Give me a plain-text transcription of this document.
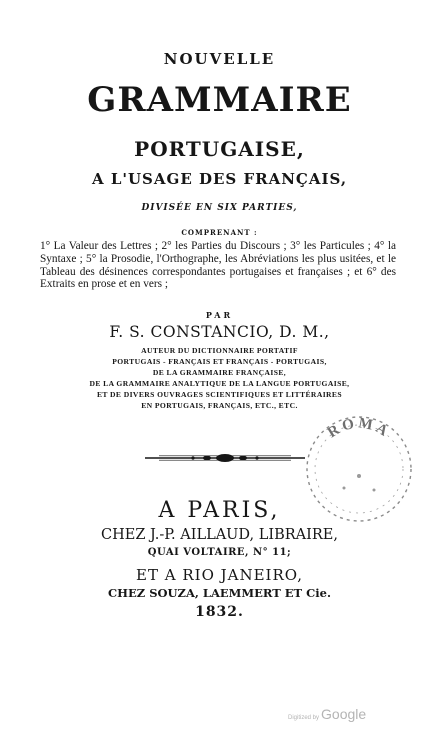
NOUVELLE
GRAMMAIRE
PORTUGAISE,
A L'USAGE DES FRANÇAIS,
DIVISÉE EN SIX PARTIES,
COMPRENANT :
1° La Valeur des Lettres ; 2° les Parties du Discours ; 3° les Particules ; 4° la Syntaxe ; 5° la Prosodie, l'Orthographe, les Abréviations les plus usitées, et le Tableau des désinences correspondantes portugaises et françaises ; et 6° des Extraits en prose et en vers ;
PAR
F. S. CONSTANCIO, D. M.,
AUTEUR DU DICTIONNAIRE PORTATIF
PORTUGAIS - FRANÇAIS ET FRANÇAIS - PORTUGAIS,
DE LA GRAMMAIRE FRANÇAISE,
DE LA GRAMMAIRE ANALYTIQUE DE LA LANGUE PORTUGAISE,
ET DE DIVERS OUVRAGES SCIENTIFIQUES ET LITTÉRAIRES
EN PORTUGAIS, FRANÇAIS, ETC., ETC.
A PARIS,
CHEZ J.-P. AILLAUD, LIBRAIRE,
QUAI VOLTAIRE, N° 11;
ET A RIO JANEIRO,
CHEZ SOUZA, LAEMMERT ET Cie.
1832.
ROMA
Digitized by Google
